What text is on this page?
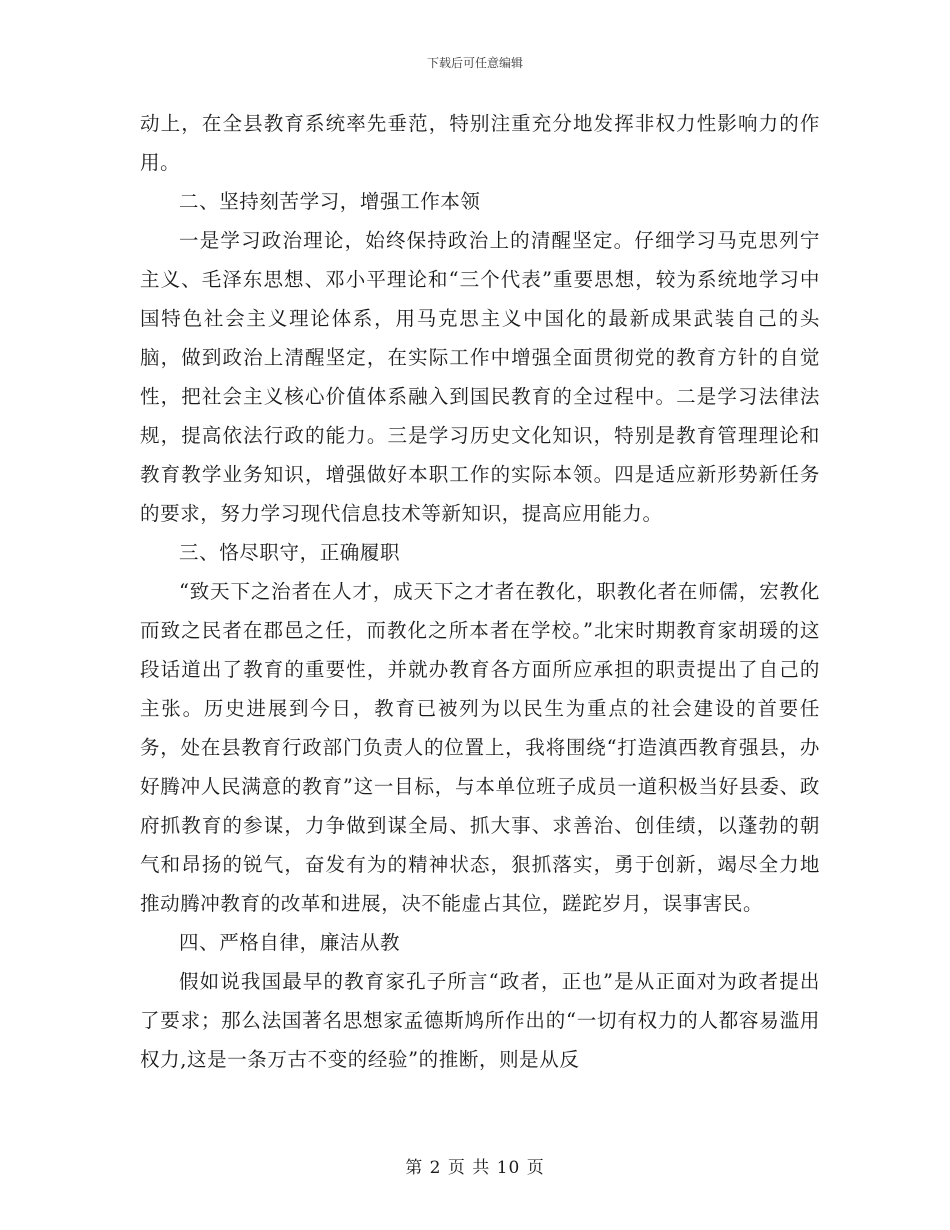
下载后可任意编辑

动上，在全县教育系统率先垂范，特别注重充分地发挥非权力性影响力的作用。

二、坚持刻苦学习，增强工作本领

一是学习政治理论，始终保持政治上的清醒坚定。仔细学习马克思列宁主义、毛泽东思想、邓小平理论和“三个代表”重要思想，较为系统地学习中国特色社会主义理论体系，用马克思主义中国化的最新成果武装自己的头脑，做到政治上清醒坚定，在实际工作中增强全面贯彻党的教育方针的自觉性，把社会主义核心价值体系融入到国民教育的全过程中。二是学习法律法规，提高依法行政的能力。三是学习历史文化知识，特别是教育管理理论和教育教学业务知识，增强做好本职工作的实际本领。四是适应新形势新任务的要求，努力学习现代信息技术等新知识，提高应用能力。

三、恪尽职守，正确履职

“致天下之治者在人才，成天下之才者在教化，职教化者在师儒，宏教化而致之民者在郡邑之任，而教化之所本者在学校。”北宋时期教育家胡瑗的这段话道出了教育的重要性，并就办教育各方面所应承担的职责提出了自己的主张。历史进展到今日，教育已被列为以民生为重点的社会建设的首要任务，处在县教育行政部门负责人的位置上，我将围绕“打造滇西教育强县，办好腾冲人民满意的教育”这一目标，与本单位班子成员一道积极当好县委、政府抓教育的参谋，力争做到谋全局、抓大事、求善治、创佳绩，以蓬勃的朝气和昂扬的锐气，奋发有为的精神状态，狠抓落实，勇于创新，竭尽全力地推动腾冲教育的改革和进展，决不能虚占其位，蹉跎岁月，误事害民。

四、严格自律，廉洁从教

假如说我国最早的教育家孔子所言“政者，正也”是从正面对为政者提出了要求；那么法国著名思想家孟德斯鸠所作出的“一切有权力的人都容易滥用权力,这是一条万古不变的经验”的推断，则是从反

第 2 页 共 10 页
